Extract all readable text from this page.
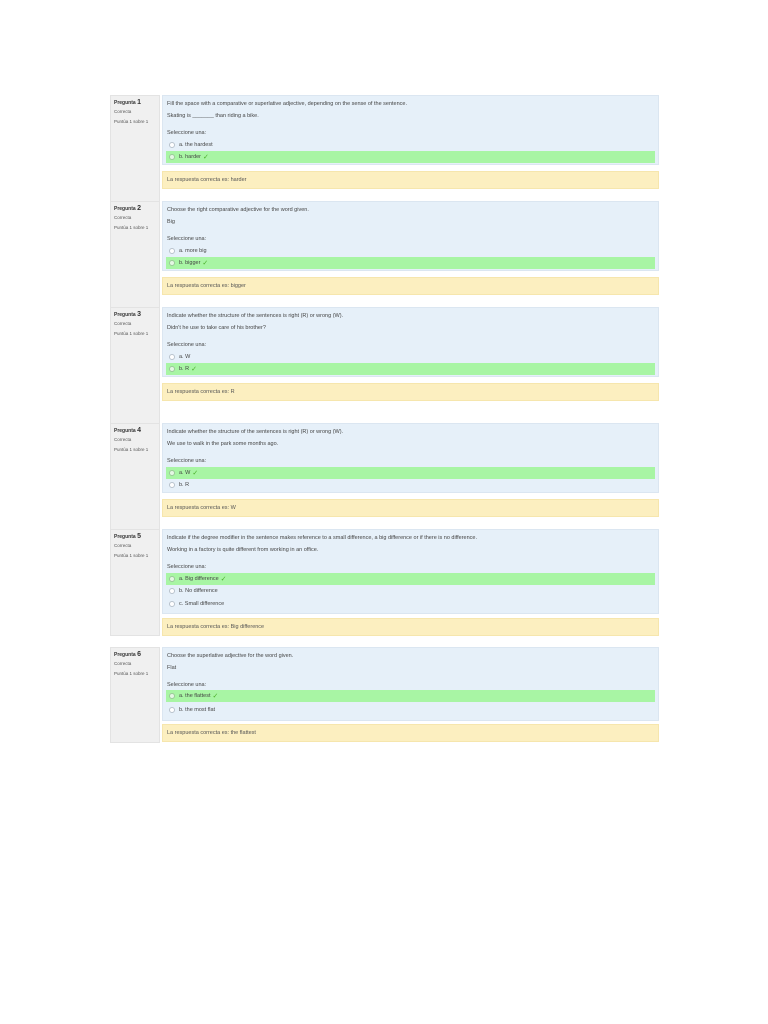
Pregunta 1
Correcta
Puntúa 1 sobre 1
Fill the space with a comparative or superlative adjective, depending on the sense of the sentence.
Skating is _______ than riding a bike.
Seleccione una:
a. the hardest
b. harder ✓
La respuesta correcta es: harder
Pregunta 2
Correcta
Puntúa 1 sobre 1
Choose the right comparative adjective for the word given.
Big
Seleccione una:
a. more big
b. bigger ✓
La respuesta correcta es: bigger
Pregunta 3
Correcta
Puntúa 1 sobre 1
Indicate whether the structure of the sentences is right (R) or wrong (W).
Didn't he use to take care of his brother?
Seleccione una:
a. W
b. R ✓
La respuesta correcta es: R
Pregunta 4
Correcta
Puntúa 1 sobre 1
Indicate whether the structure of the sentences is right (R) or wrong (W).
We use to walk in the park some months ago.
Seleccione una:
a. W ✓
b. R
La respuesta correcta es: W
Pregunta 5
Correcta
Puntúa 1 sobre 1
Indicate if the degree modifier in the sentence makes reference to a small difference, a big difference or if there is no difference.
Working in a factory is quite different from working in an office.
Seleccione una:
a. Big difference ✓
b. No difference
c. Small difference
La respuesta correcta es: Big difference
Pregunta 6
Correcta
Puntúa 1 sobre 1
Choose the superlative adjective for the word given.
Flat
Seleccione una:
a. the flattest ✓
b. the most flat
La respuesta correcta es: the flattest
